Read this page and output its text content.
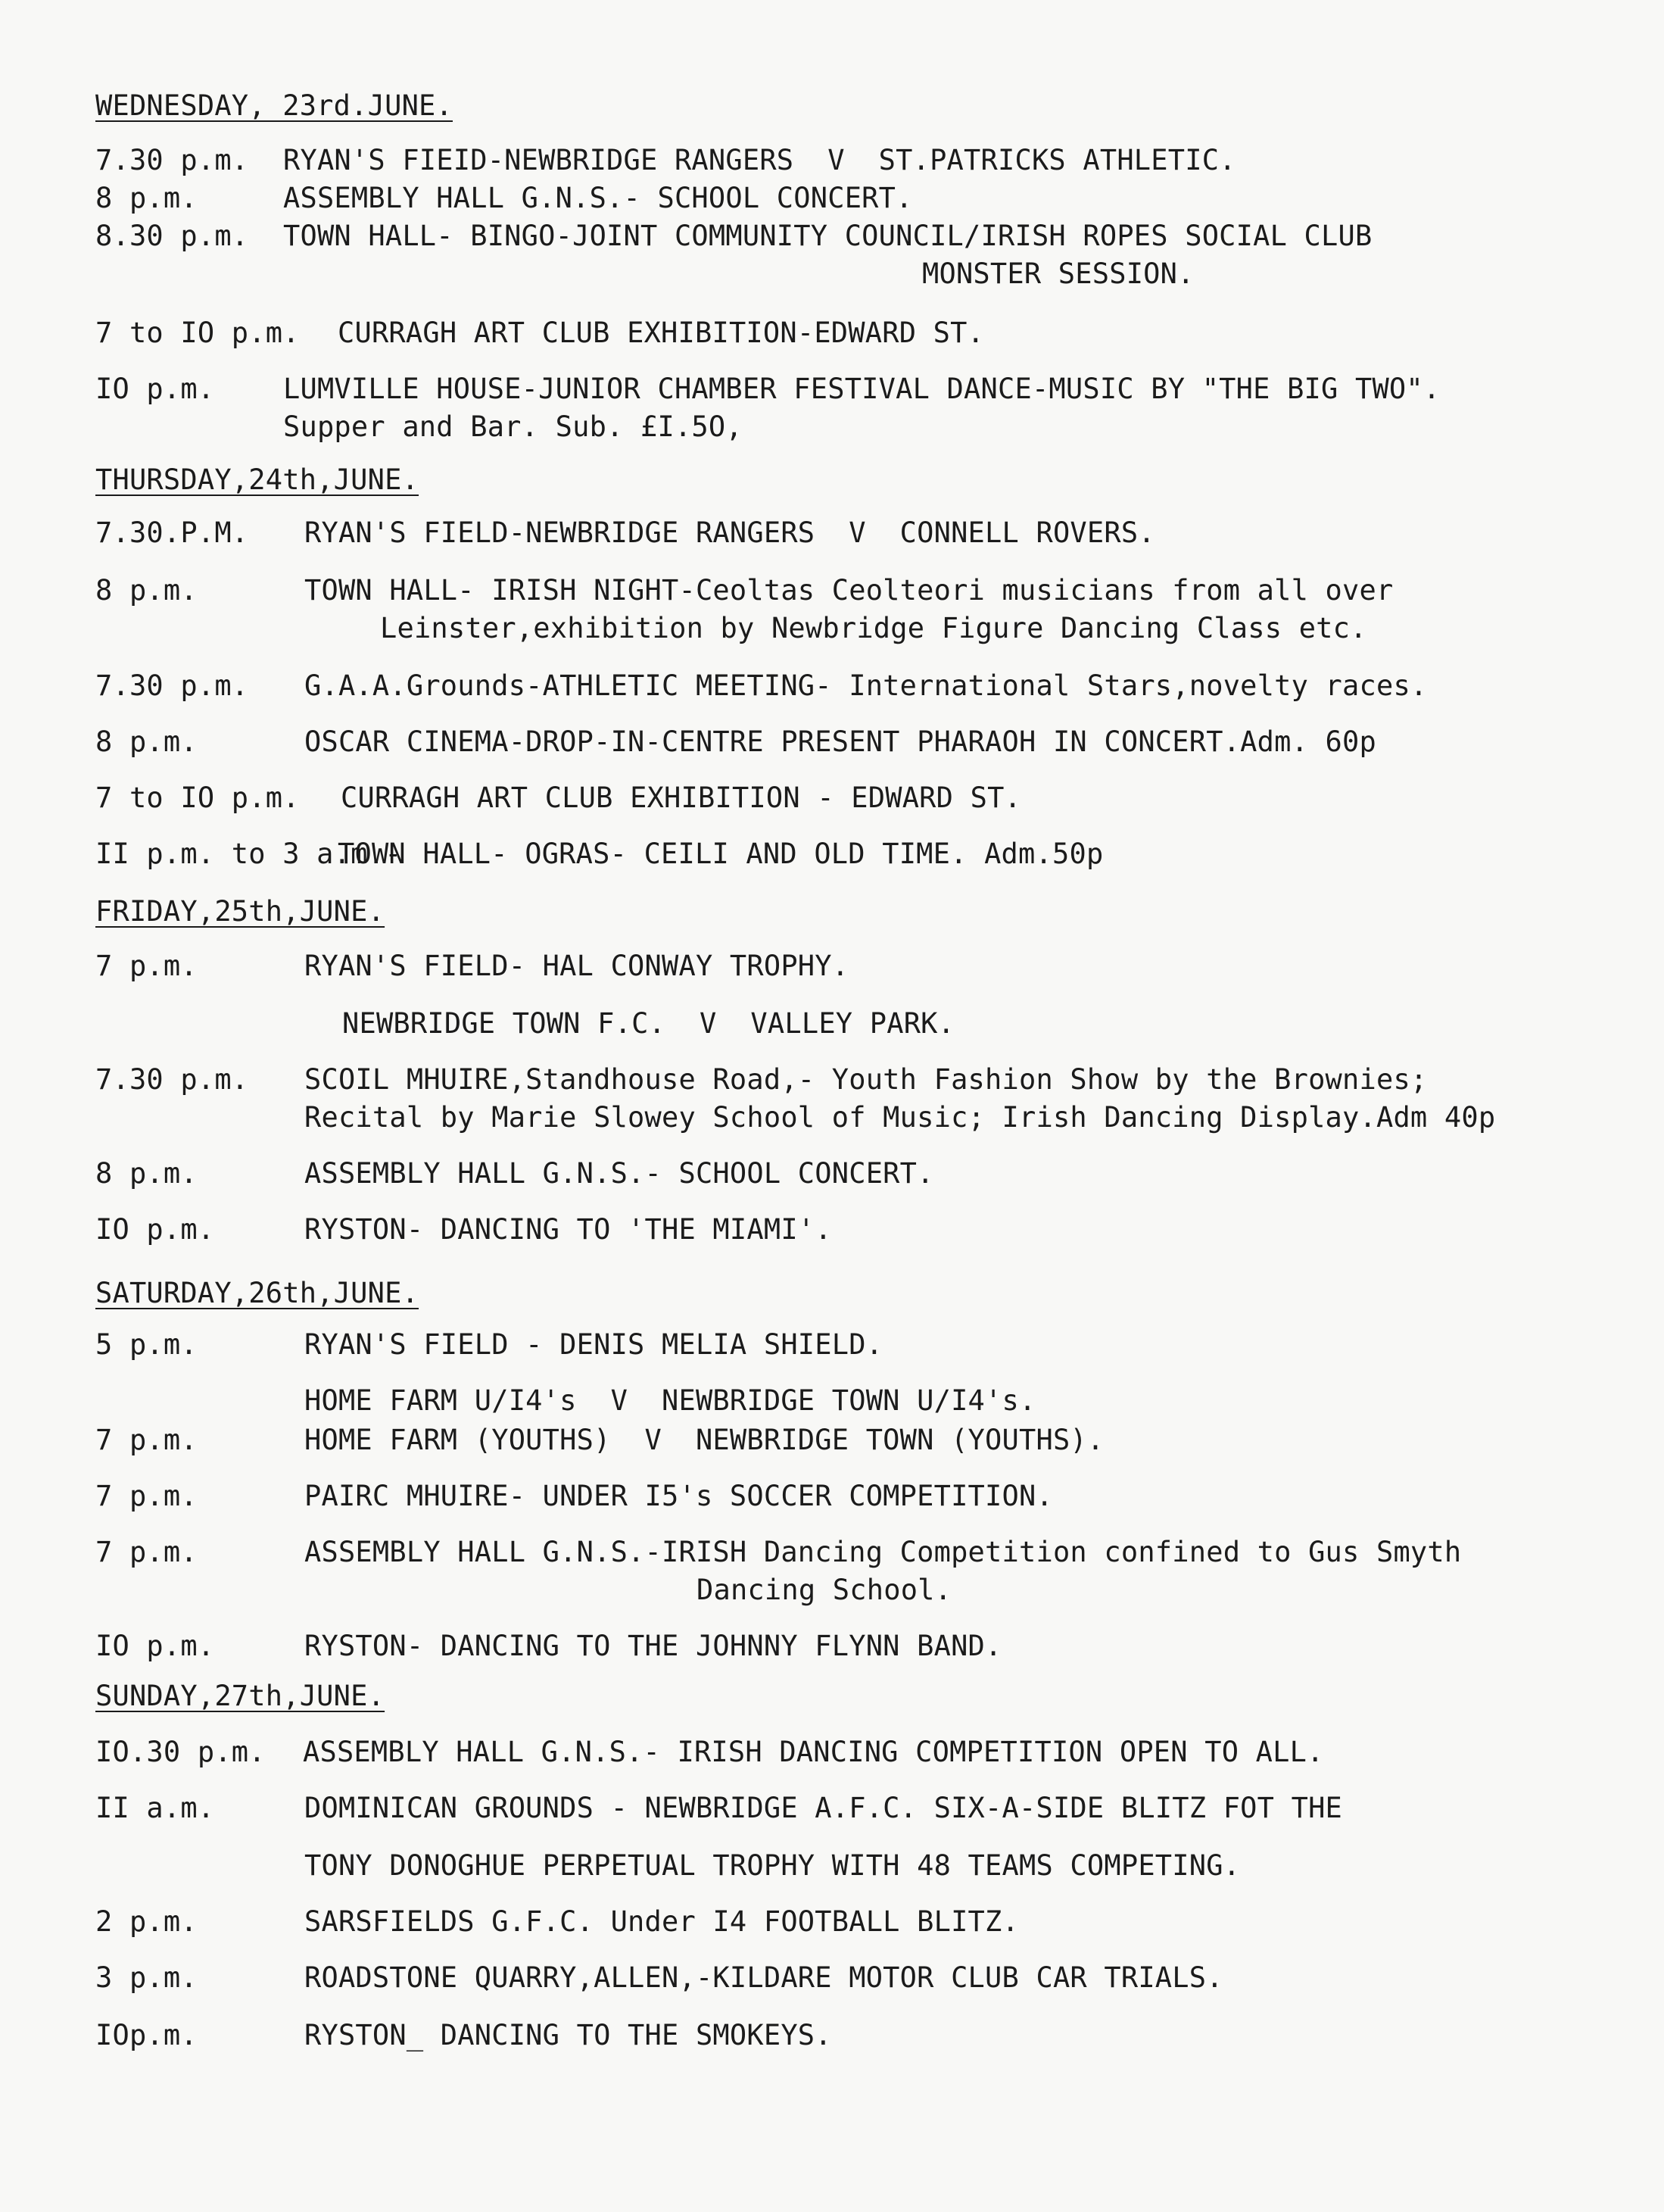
WEDNESDAY, 23rd.JUNE.
7.30 p.m. RYAN'S FIEID-NEWBRIDGE RANGERS  V  ST.PATRICKS ATHLETIC.
8 p.m.	ASSEMBLY HALL G.N.S.- SCHOOL CONCERT.
8.30 p.m. TOWN HALL- BINGO-JOINT COMMUNITY COUNCIL/IRISH ROPES SOCIAL CLUB
MONSTER SESSION.
7 to IO p.m. CURRAGH ART CLUB EXHIBITION-EDWARD ST.
IO p.m. LUMVILLE HOUSE-JUNIOR CHAMBER FESTIVAL DANCE-MUSIC BY "THE BIG TWO".
Supper and Bar. Sub. £I.5O,
THURSDAY,24th,JUNE.
7.30.P.M. RYAN'S FIELD-NEWBRIDGE RANGERS  V  CONNELL ROVERS.
8 p.m.	TOWN HALL- IRISH NIGHT-Ceoltas Ceolteori musicians from all over
Leinster,exhibition by Newbridge Figure Dancing Class etc.
7.30 p.m. G.A.A.Grounds-ATHLETIC MEETING- International Stars,novelty races.
8 p.m.	OSCAR CINEMA-DROP-IN-CENTRE PRESENT PHARAOH IN CONCERT.Adm. 60p
7 to IO p.m. CURRAGH ART CLUB EXHIBITION - EDWARD ST.
II p.m. to 3 a.m.-
TOWN HALL- OGRAS- CEILI AND OLD TIME. Adm.50p
FRIDAY,25th,JUNE.
7 p.m.	RYAN'S FIELD- HAL CONWAY TROPHY.
NEWBRIDGE TOWN F.C.  V  VALLEY PARK.
7.30 p.m. SCOIL MHUIRE,Standhouse Road,- Youth Fashion Show by the Brownies;
Recital by Marie Slowey School of Music; Irish Dancing Display.Adm 40p
8 p.m.	ASSEMBLY HALL G.N.S.- SCHOOL CONCERT.
IO p.m.	RYSTON- DANCING TO 'THE MIAMI'.
SATURDAY,26th,JUNE.
5 p.m.	RYAN'S FIELD - DENIS MELIA SHIELD.
HOME FARM U/I4's  V  NEWBRIDGE TOWN U/I4's.
7 p.m.	HOME FARM (YOUTHS)  V  NEWBRIDGE TOWN (YOUTHS).
7 p.m.	PAIRC MHUIRE- UNDER I5's SOCCER COMPETITION.
7 p.m.	ASSEMBLY HALL G.N.S.-IRISH Dancing Competition confined to Gus Smyth
Dancing School.
IO p.m.	RYSTON- DANCING TO THE JOHNNY FLYNN BAND.
SUNDAY,27th,JUNE.
IO.30 p.m. ASSEMBLY HALL G.N.S.- IRISH DANCING COMPETITION OPEN TO ALL.
II a.m.	DOMINICAN GROUNDS - NEWBRIDGE A.F.C. SIX-A-SIDE BLITZ FOT THE
TONY DONOGHUE PERPETUAL TROPHY WITH 48 TEAMS COMPETING.
2 p.m.	SARSFIELDS G.F.C. Under I4 FOOTBALL BLITZ.
3 p.m.	ROADSTONE QUARRY,ALLEN,-KILDARE MOTOR CLUB CAR TRIALS.
IOp.m.	RYSTON_ DANCING TO THE SMOKEYS.
